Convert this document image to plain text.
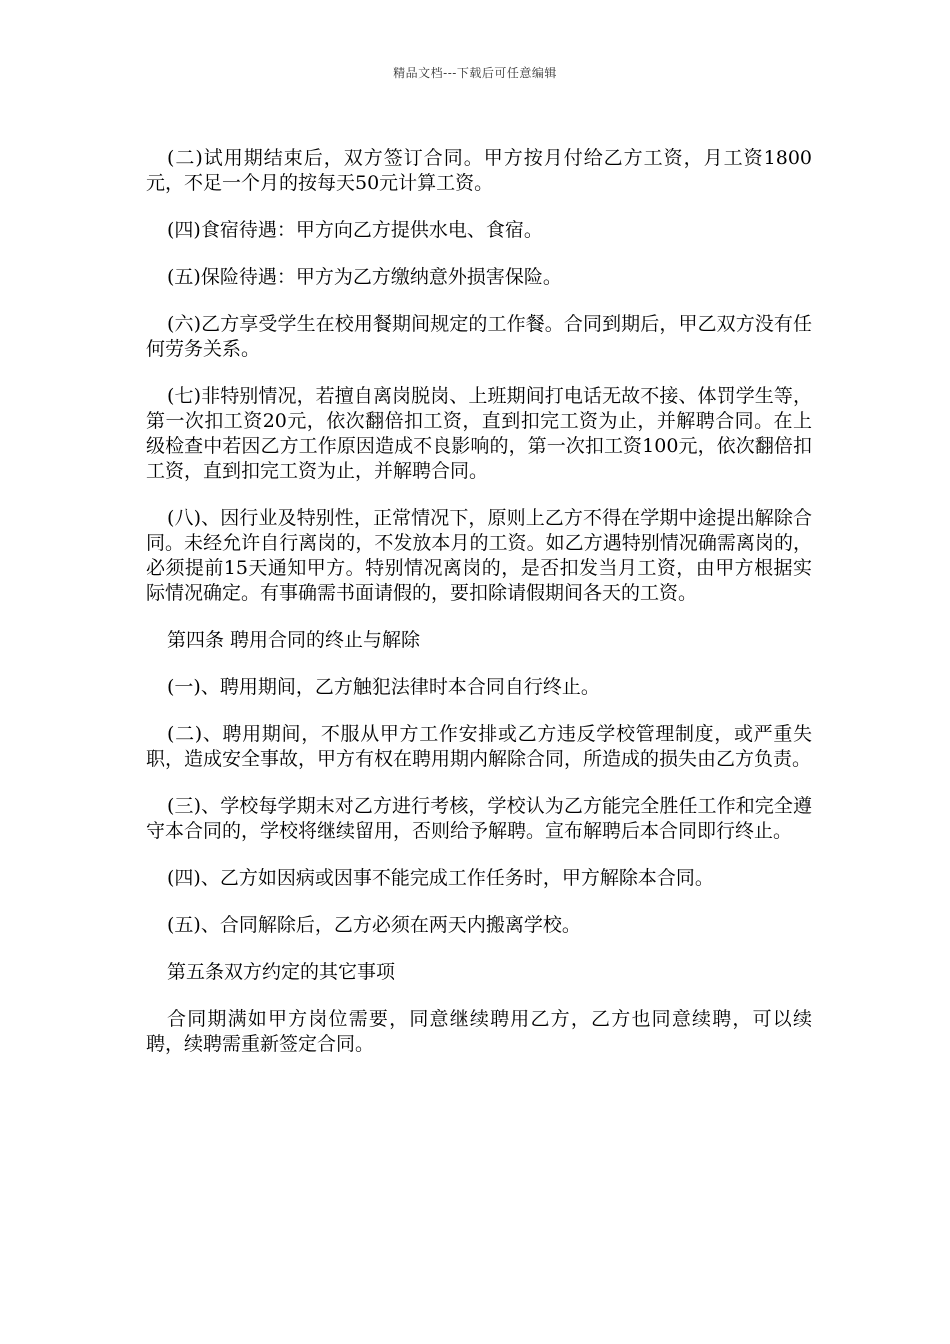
精品文档---下载后可任意编辑

(二)试用期结束后，双方签订合同。甲方按月付给乙方工资，月工资1800元，不足一个月的按每天50元计算工资。

(四)食宿待遇：甲方向乙方提供水电、食宿。

(五)保险待遇：甲方为乙方缴纳意外损害保险。

(六)乙方享受学生在校用餐期间规定的工作餐。合同到期后，甲乙双方没有任何劳务关系。

(七)非特别情况，若擅自离岗脱岗、上班期间打电话无故不接、体罚学生等，第一次扣工资20元，依次翻倍扣工资，直到扣完工资为止，并解聘合同。在上级检查中若因乙方工作原因造成不良影响的，第一次扣工资100元，依次翻倍扣工资，直到扣完工资为止，并解聘合同。

(八)、因行业及特别性，正常情况下，原则上乙方不得在学期中途提出解除合同。未经允许自行离岗的，不发放本月的工资。如乙方遇特别情况确需离岗的，必须提前15天通知甲方。特别情况离岗的，是否扣发当月工资，由甲方根据实际情况确定。有事确需书面请假的，要扣除请假期间各天的工资。

第四条 聘用合同的终止与解除

(一)、聘用期间，乙方触犯法律时本合同自行终止。

(二)、聘用期间，不服从甲方工作安排或乙方违反学校管理制度，或严重失职，造成安全事故，甲方有权在聘用期内解除合同，所造成的损失由乙方负责。

(三)、学校每学期末对乙方进行考核，学校认为乙方能完全胜任工作和完全遵守本合同的，学校将继续留用，否则给予解聘。宣布解聘后本合同即行终止。

(四)、乙方如因病或因事不能完成工作任务时，甲方解除本合同。

(五)、合同解除后，乙方必须在两天内搬离学校。

第五条双方约定的其它事项

合同期满如甲方岗位需要，同意继续聘用乙方，乙方也同意续聘，可以续聘，续聘需重新签定合同。
